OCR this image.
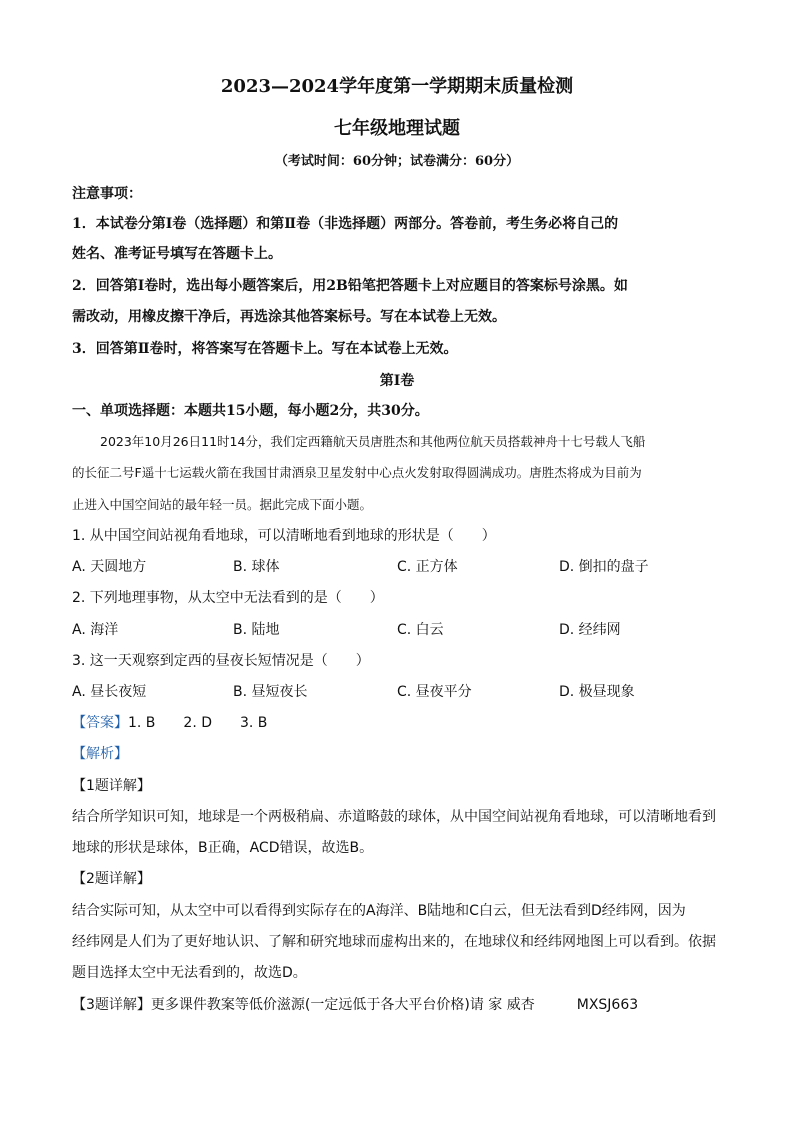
2023—2024学年度第一学期期末质量检测
七年级地理试题
（考试时间：60分钟；试卷满分：60分）
注意事项：
1．本试卷分第Ⅰ卷（选择题）和第Ⅱ卷（非选择题）两部分。答卷前，考生务必将自己的
姓名、准考证号填写在答题卡上。
2．回答第Ⅰ卷时，选出每小题答案后，用2B铅笔把答题卡上对应题目的答案标号涂黑。如
需改动，用橡皮擦干净后，再选涂其他答案标号。写在本试卷上无效。
3．回答第Ⅱ卷时，将答案写在答题卡上。写在本试卷上无效。
第Ⅰ卷
一、单项选择题：本题共15小题，每小题2分，共30分。
2023年10月26日11时14分，我们定西籍航天员唐胜杰和其他两位航天员搭载神舟十七号载人飞船
的长征二号F遥十七运载火箭在我国甘肃酒泉卫星发射中心点火发射取得圆满成功。唐胜杰将成为目前为
止进入中国空间站的最年轻一员。据此完成下面小题。
1. 从中国空间站视角看地球，可以清晰地看到地球的形状是（　　）
A. 天圆地方	B. 球体	C. 正方体	D. 倒扣的盘子
2. 下列地理事物，从太空中无法看到的是（　　）
A. 海洋	B. 陆地	C. 白云	D. 经纬网
3. 这一天观察到定西的昼夜长短情况是（　　）
A. 昼长夜短	B. 昼短夜长	C. 昼夜平分	D. 极昼现象
【答案】1. B　　2. D　　3. B
【解析】
【1题详解】
结合所学知识可知，地球是一个两极稍扁、赤道略鼓的球体，从中国空间站视角看地球，可以清晰地看到
地球的形状是球体，B正确，ACD错误，故选B。
【2题详解】
结合实际可知，从太空中可以看得到实际存在的A海洋、B陆地和C白云，但无法看到D经纬网，因为
经纬网是人们为了更好地认识、了解和研究地球而虚构出来的，在地球仪和经纬网地图上可以看到。依据
题目选择太空中无法看到的，故选D。
【3题详解】更多课件教案等低价滋源(一定远低于各大平台价格)请 家 威杏　　　MXSJ663
